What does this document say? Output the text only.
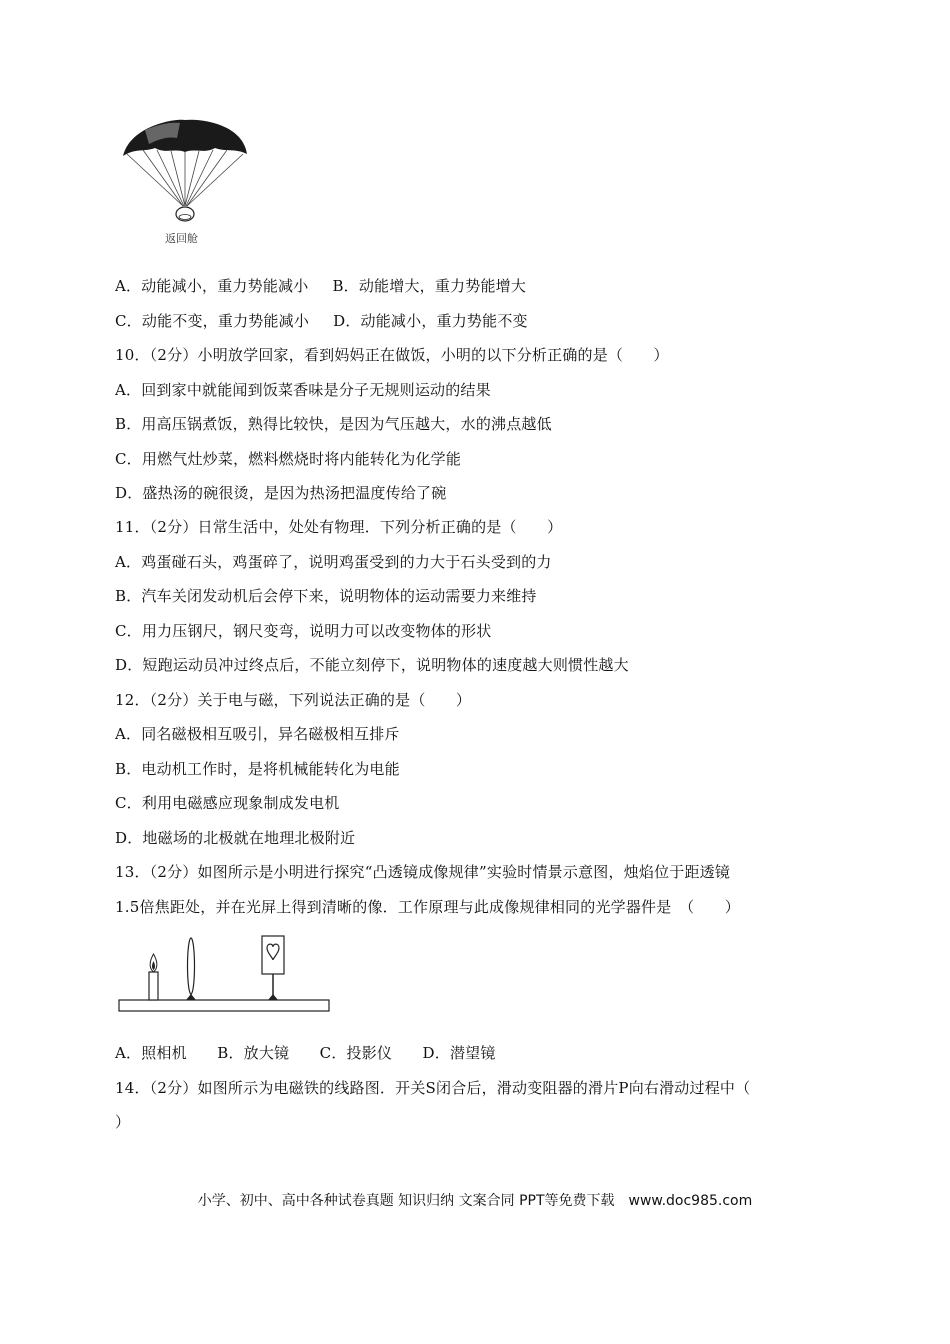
返回舱
A．动能减小，重力势能减小 B．动能增大，重力势能增大
C．动能不变，重力势能减小 D．动能减小，重力势能不变
10．（2分）小明放学回家，看到妈妈正在做饭，小明的以下分析正确的是（　　）
A．回到家中就能闻到饭菜香味是分子无规则运动的结果
B．用高压锅煮饭，熟得比较快，是因为气压越大，水的沸点越低
C．用燃气灶炒菜，燃料燃烧时将内能转化为化学能
D．盛热汤的碗很烫，是因为热汤把温度传给了碗
11．（2分）日常生活中，处处有物理．下列分析正确的是（　　）
A．鸡蛋碰石头，鸡蛋碎了，说明鸡蛋受到的力大于石头受到的力
B．汽车关闭发动机后会停下来，说明物体的运动需要力来维持
C．用力压钢尺，钢尺变弯，说明力可以改变物体的形状
D．短跑运动员冲过终点后，不能立刻停下，说明物体的速度越大则惯性越大
12．（2分）关于电与磁，下列说法正确的是（　　）
A．同名磁极相互吸引，异名磁极相互排斥
B．电动机工作时，是将机械能转化为电能
C．利用电磁感应现象制成发电机
D．地磁场的北极就在地理北极附近
13．（2分）如图所示是小明进行探究“凸透镜成像规律”实验时情景示意图，烛焰位于距透镜
1.5倍焦距处，并在光屏上得到清晰的像．工作原理与此成像规律相同的光学器件是　（　　）
A．照相机　　B．放大镜　　C．投影仪　　D．潜望镜
14．（2分）如图所示为电磁铁的线路图．开关S闭合后，滑动变阻器的滑片P向右滑动过程中（
）
小学、初中、高中各种试卷真题 知识归纳 文案合同 PPT等免费下载　www.doc985.com
